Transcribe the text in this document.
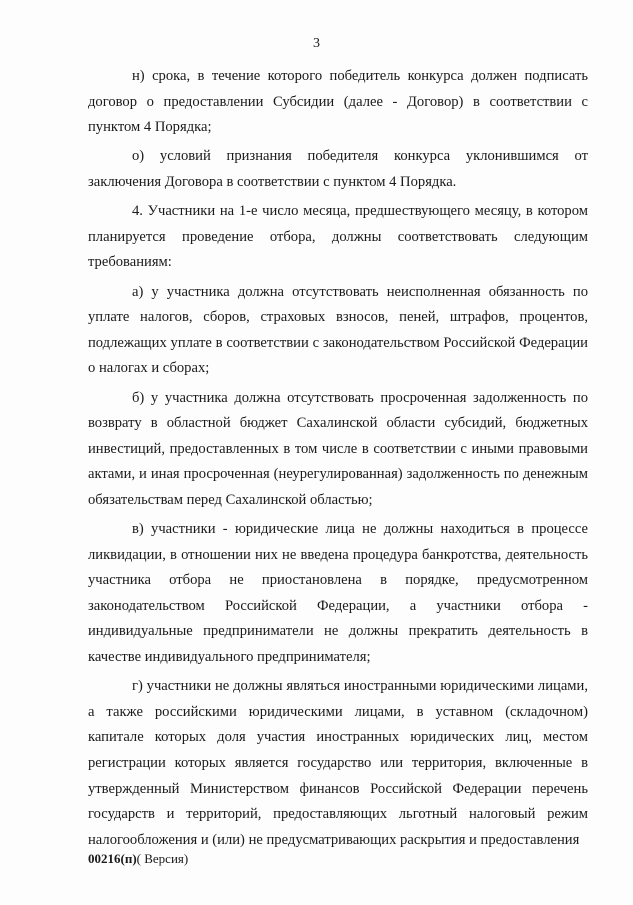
3

н) срока, в течение которого победитель конкурса должен подписать договор о предоставлении Субсидии (далее - Договор) в соответствии с пунктом 4 Порядка;

о) условий признания победителя конкурса уклонившимся от заключения Договора в соответствии с пунктом 4 Порядка.

4. Участники на 1-е число месяца, предшествующего месяцу, в котором планируется проведение отбора, должны соответствовать следующим требованиям:

а) у участника должна отсутствовать неисполненная обязанность по уплате налогов, сборов, страховых взносов, пеней, штрафов, процентов, подлежащих уплате в соответствии с законодательством Российской Федерации о налогах и сборах;

б) у участника должна отсутствовать просроченная задолженность по возврату в областной бюджет Сахалинской области субсидий, бюджетных инвестиций, предоставленных в том числе в соответствии с иными правовыми актами, и иная просроченная (неурегулированная) задолженность по денежным обязательствам перед Сахалинской областью;

в) участники - юридические лица не должны находиться в процессе ликвидации, в отношении них не введена процедура банкротства, деятельность участника отбора не приостановлена в порядке, предусмотренном законодательством Российской Федерации, а участники отбора - индивидуальные предприниматели не должны прекратить деятельность в качестве индивидуального предпринимателя;

г) участники не должны являться иностранными юридическими лицами, а также российскими юридическими лицами, в уставном (складочном) капитале которых доля участия иностранных юридических лиц, местом регистрации которых является государство или территория, включенные в утвержденный Министерством финансов Российской Федерации перечень государств и территорий, предоставляющих льготный налоговый режим налогообложения и (или) не предусматривающих раскрытия и предоставления

00216(п)( Версия)
